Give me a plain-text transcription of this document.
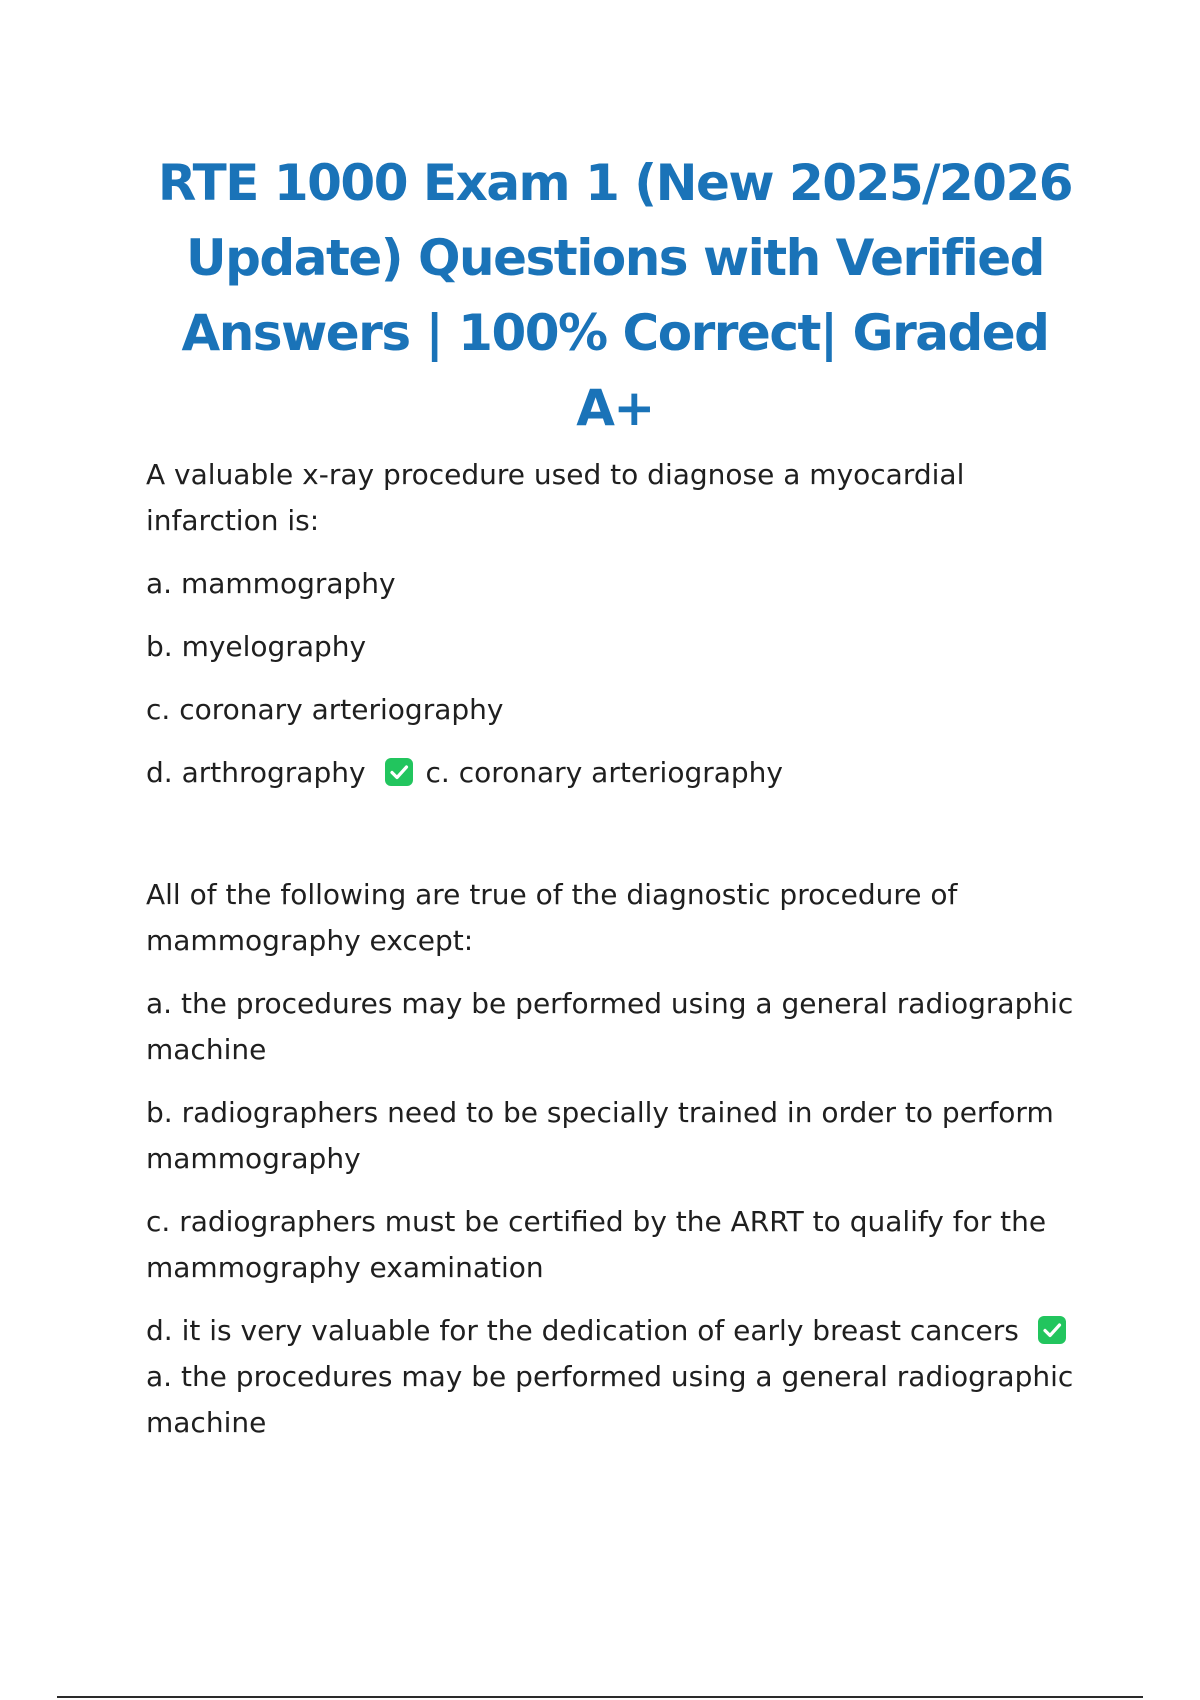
RTE 1000 Exam 1 (New 2025/2026 Update) Questions with Verified Answers | 100% Correct| Graded A+

A valuable x-ray procedure used to diagnose a myocardial infarction is:

a. mammography

b. myelography

c. coronary arteriography

d. arthrography c. coronary arteriography

All of the following are true of the diagnostic procedure of mammography except:

a. the procedures may be performed using a general radiographic machine

b. radiographers need to be specially trained in order to perform mammography

c. radiographers must be certified by the ARRT to qualify for the mammography examination

d. it is very valuable for the dedication of early breast cancers

a. the procedures may be performed using a general radiographic machine
